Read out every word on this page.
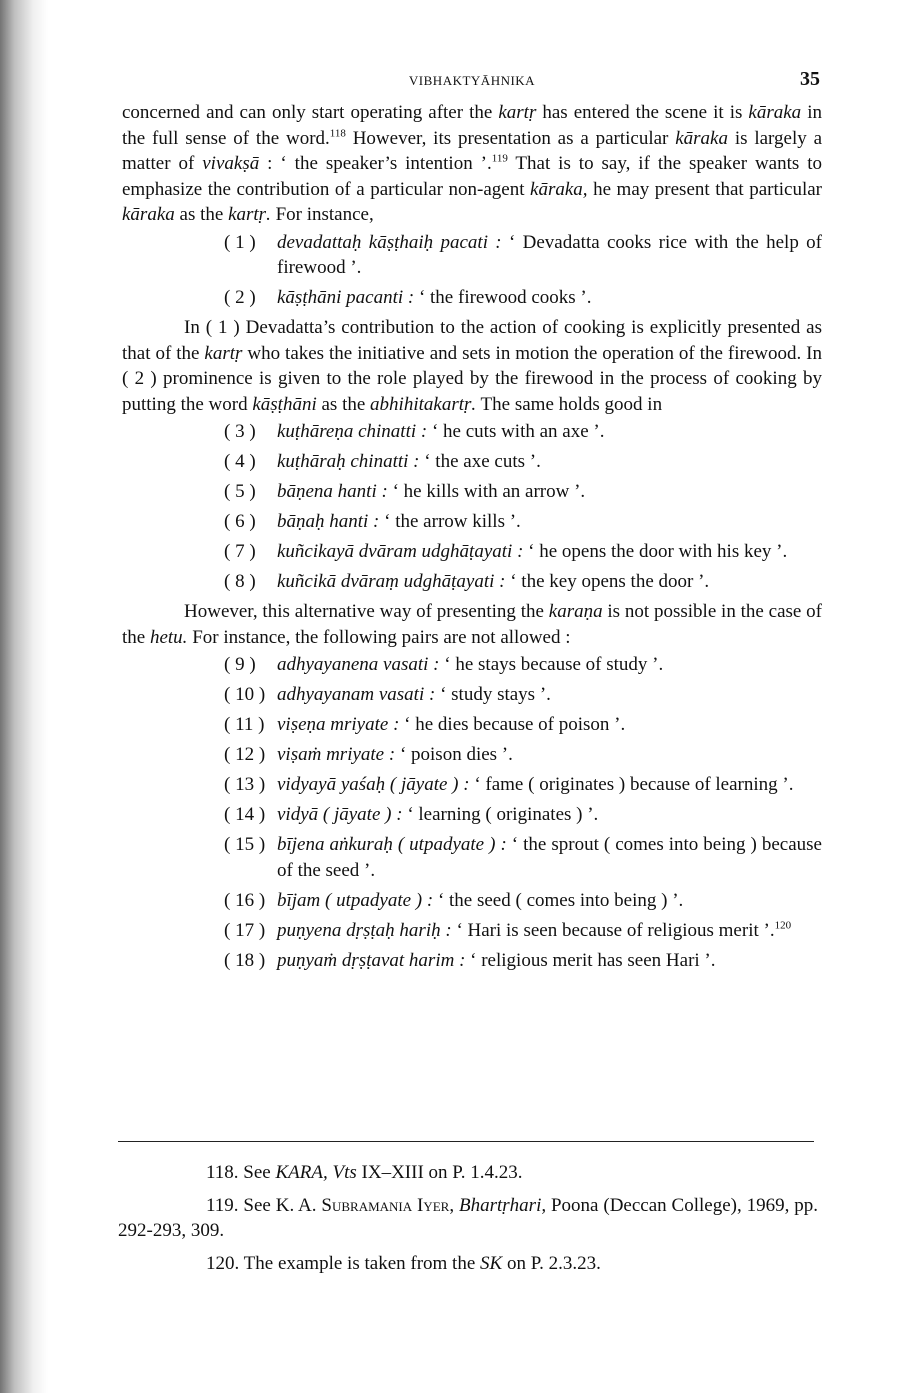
VIBHAKTYĀHNIKA	35

concerned and can only start operating after the kartṛ has entered the scene it is kāraka in the full sense of the word.$^{118}$ However, its presentation as a particular kāraka is largely a matter of vivakṣā : ‘ the speaker’s intention ’.$^{119}$ That is to say, if the speaker wants to emphasize the contribution of a particular non-agent kāraka, he may present that particular kāraka as the kartṛ. For instance,

( 1 ) devadattaḥ kāṣṭhaiḥ pacati : ‘ Devadatta cooks rice with the help of firewood ’.
( 2 ) kāṣṭhāni pacanti : ‘ the firewood cooks ’.

In ( 1 ) Devadatta’s contribution to the action of cooking is explicitly presented as that of the kartṛ who takes the initiative and sets in motion the operation of the firewood. In ( 2 ) prominence is given to the role played by the firewood in the process of cooking by putting the word kāṣṭhāni as the abhihitakartṛ. The same holds good in

( 3 ) kuṭhāreṇa chinatti : ‘ he cuts with an axe ’.
( 4 ) kuṭhāraḥ chinatti : ‘ the axe cuts ’.
( 5 ) bāṇena hanti : ‘ he kills with an arrow ’.
( 6 ) bāṇaḥ hanti : ‘ the arrow kills ’.
( 7 ) kuñcikayā dvāram udghāṭayati : ‘ he opens the door with his key ’.
( 8 ) kuñcikā dvāraṃ udghāṭayati : ‘ the key opens the door ’.

However, this alternative way of presenting the karaṇa is not possible in the case of the hetu. For instance, the following pairs are not allowed :

( 9 ) adhyayanena vasati : ‘ he stays because of study ’.
( 10 ) adhyayanam vasati : ‘ study stays ’.
( 11 ) viṣeṇa mriyate : ‘ he dies because of poison ’.
( 12 ) viṣaṁ mriyate : ‘ poison dies ’.
( 13 ) vidyayā yaśaḥ ( jāyate ) : ‘ fame ( originates ) because of learning ’.
( 14 ) vidyā ( jāyate ) : ‘ learning ( originates ) ’.
( 15 ) bījena aṅkuraḥ ( utpadyate ) : ‘ the sprout ( comes into being ) because of the seed ’.
( 16 ) bījam ( utpadyate ) : ‘ the seed ( comes into being ) ’.
( 17 ) puṇyena dṛṣṭaḥ hariḥ : ‘ Hari is seen because of religious merit ’.$^{120}$
( 18 ) puṇyaṁ dṛṣṭavat harim : ‘ religious merit has seen Hari ’.

118. See KARA, Vts IX–XIII on P. 1.4.23.

119. See K. A. Subramania Iyer, Bhartṛhari, Poona (Deccan College), 1969, pp. 292-293, 309.

120. The example is taken from the SK on P. 2.3.23.
